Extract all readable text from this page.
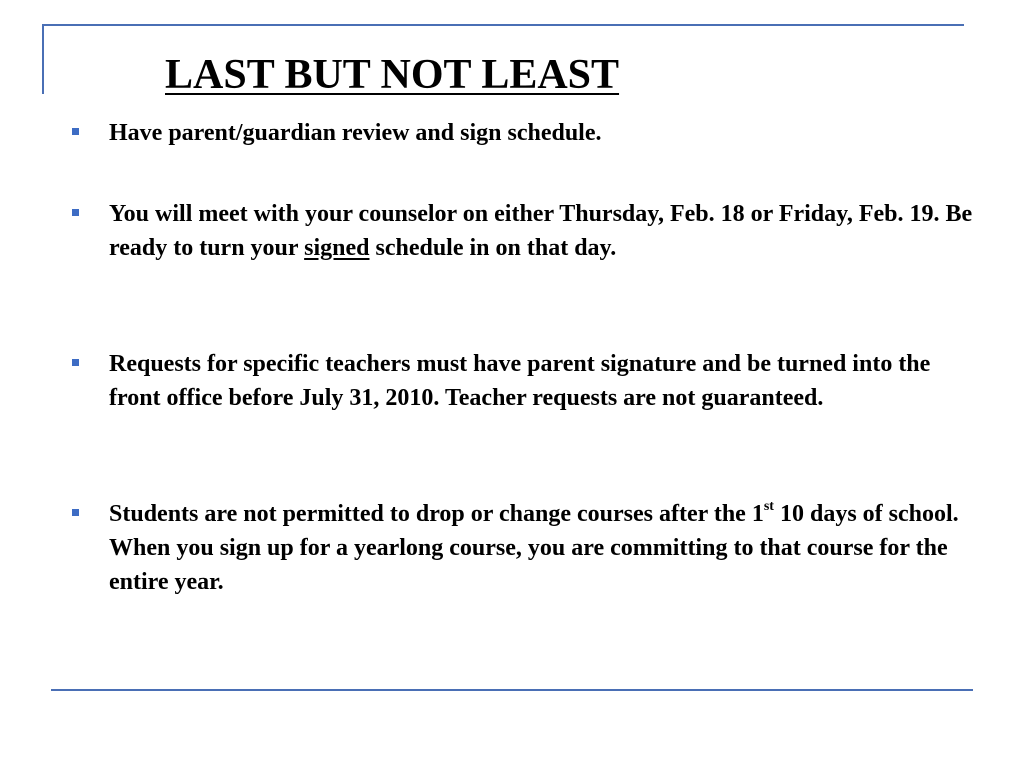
LAST BUT NOT LEAST
Have parent/guardian review and sign schedule.
You will meet with your counselor on either Thursday, Feb. 18 or Friday, Feb. 19. Be ready to turn your signed schedule in on that day.
Requests for specific teachers must have parent signature and be turned into the front office before July 31, 2010. Teacher requests are not guaranteed.
Students are not permitted to drop or change courses after the 1st 10 days of school. When you sign up for a yearlong course, you are committing to that course for the entire year.
